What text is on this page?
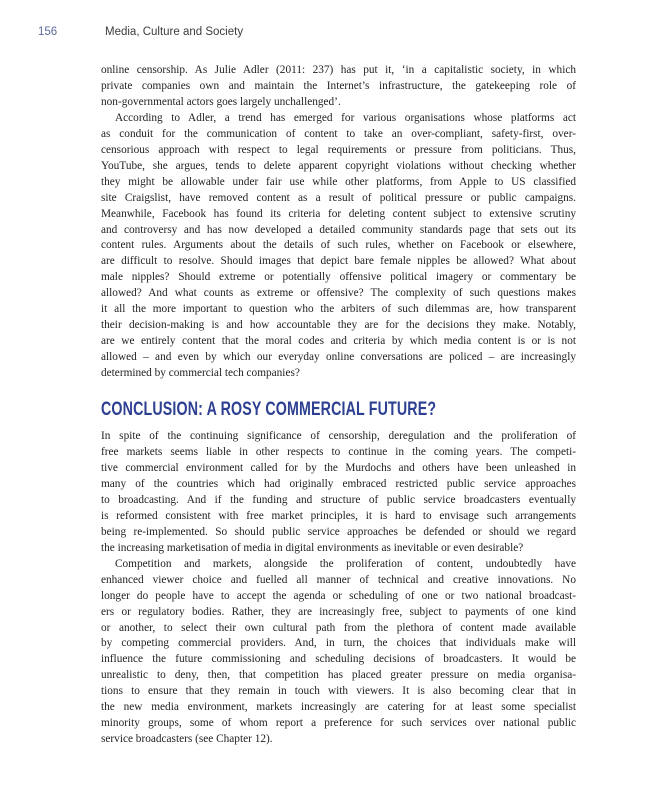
156	Media, Culture and Society
online censorship. As Julie Adler (2011: 237) has put it, ‘in a capitalistic society, in which
private companies own and maintain the Internet’s infrastructure, the gatekeeping role of
non-governmental actors goes largely unchallenged’.
According to Adler, a trend has emerged for various organisations whose platforms act
as conduit for the communication of content to take an over-compliant, safety-first, over-
censorious approach with respect to legal requirements or pressure from politicians. Thus,
YouTube, she argues, tends to delete apparent copyright violations without checking whether
they might be allowable under fair use while other platforms, from Apple to US classified
site Craigslist, have removed content as a result of political pressure or public campaigns.
Meanwhile, Facebook has found its criteria for deleting content subject to extensive scrutiny
and controversy and has now developed a detailed community standards page that sets out its
content rules. Arguments about the details of such rules, whether on Facebook or elsewhere,
are difficult to resolve. Should images that depict bare female nipples be allowed? What about
male nipples? Should extreme or potentially offensive political imagery or commentary be
allowed? And what counts as extreme or offensive? The complexity of such questions makes
it all the more important to question who the arbiters of such dilemmas are, how transparent
their decision-making is and how accountable they are for the decisions they make. Notably,
are we entirely content that the moral codes and criteria by which media content is or is not
allowed – and even by which our everyday online conversations are policed – are increasingly
determined by commercial tech companies?
CONCLUSION: A ROSY COMMERCIAL FUTURE?
In spite of the continuing significance of censorship, deregulation and the proliferation of
free markets seems liable in other respects to continue in the coming years. The competi-
tive commercial environment called for by the Murdochs and others have been unleashed in
many of the countries which had originally embraced restricted public service approaches
to broadcasting. And if the funding and structure of public service broadcasters eventually
is reformed consistent with free market principles, it is hard to envisage such arrangements
being re-implemented. So should public service approaches be defended or should we regard
the increasing marketisation of media in digital environments as inevitable or even desirable?
Competition and markets, alongside the proliferation of content, undoubtedly have
enhanced viewer choice and fuelled all manner of technical and creative innovations. No
longer do people have to accept the agenda or scheduling of one or two national broadcast-
ers or regulatory bodies. Rather, they are increasingly free, subject to payments of one kind
or another, to select their own cultural path from the plethora of content made available
by competing commercial providers. And, in turn, the choices that individuals make will
influence the future commissioning and scheduling decisions of broadcasters. It would be
unrealistic to deny, then, that competition has placed greater pressure on media organisa-
tions to ensure that they remain in touch with viewers. It is also becoming clear that in
the new media environment, markets increasingly are catering for at least some specialist
minority groups, some of whom report a preference for such services over national public
service broadcasters (see Chapter 12).
